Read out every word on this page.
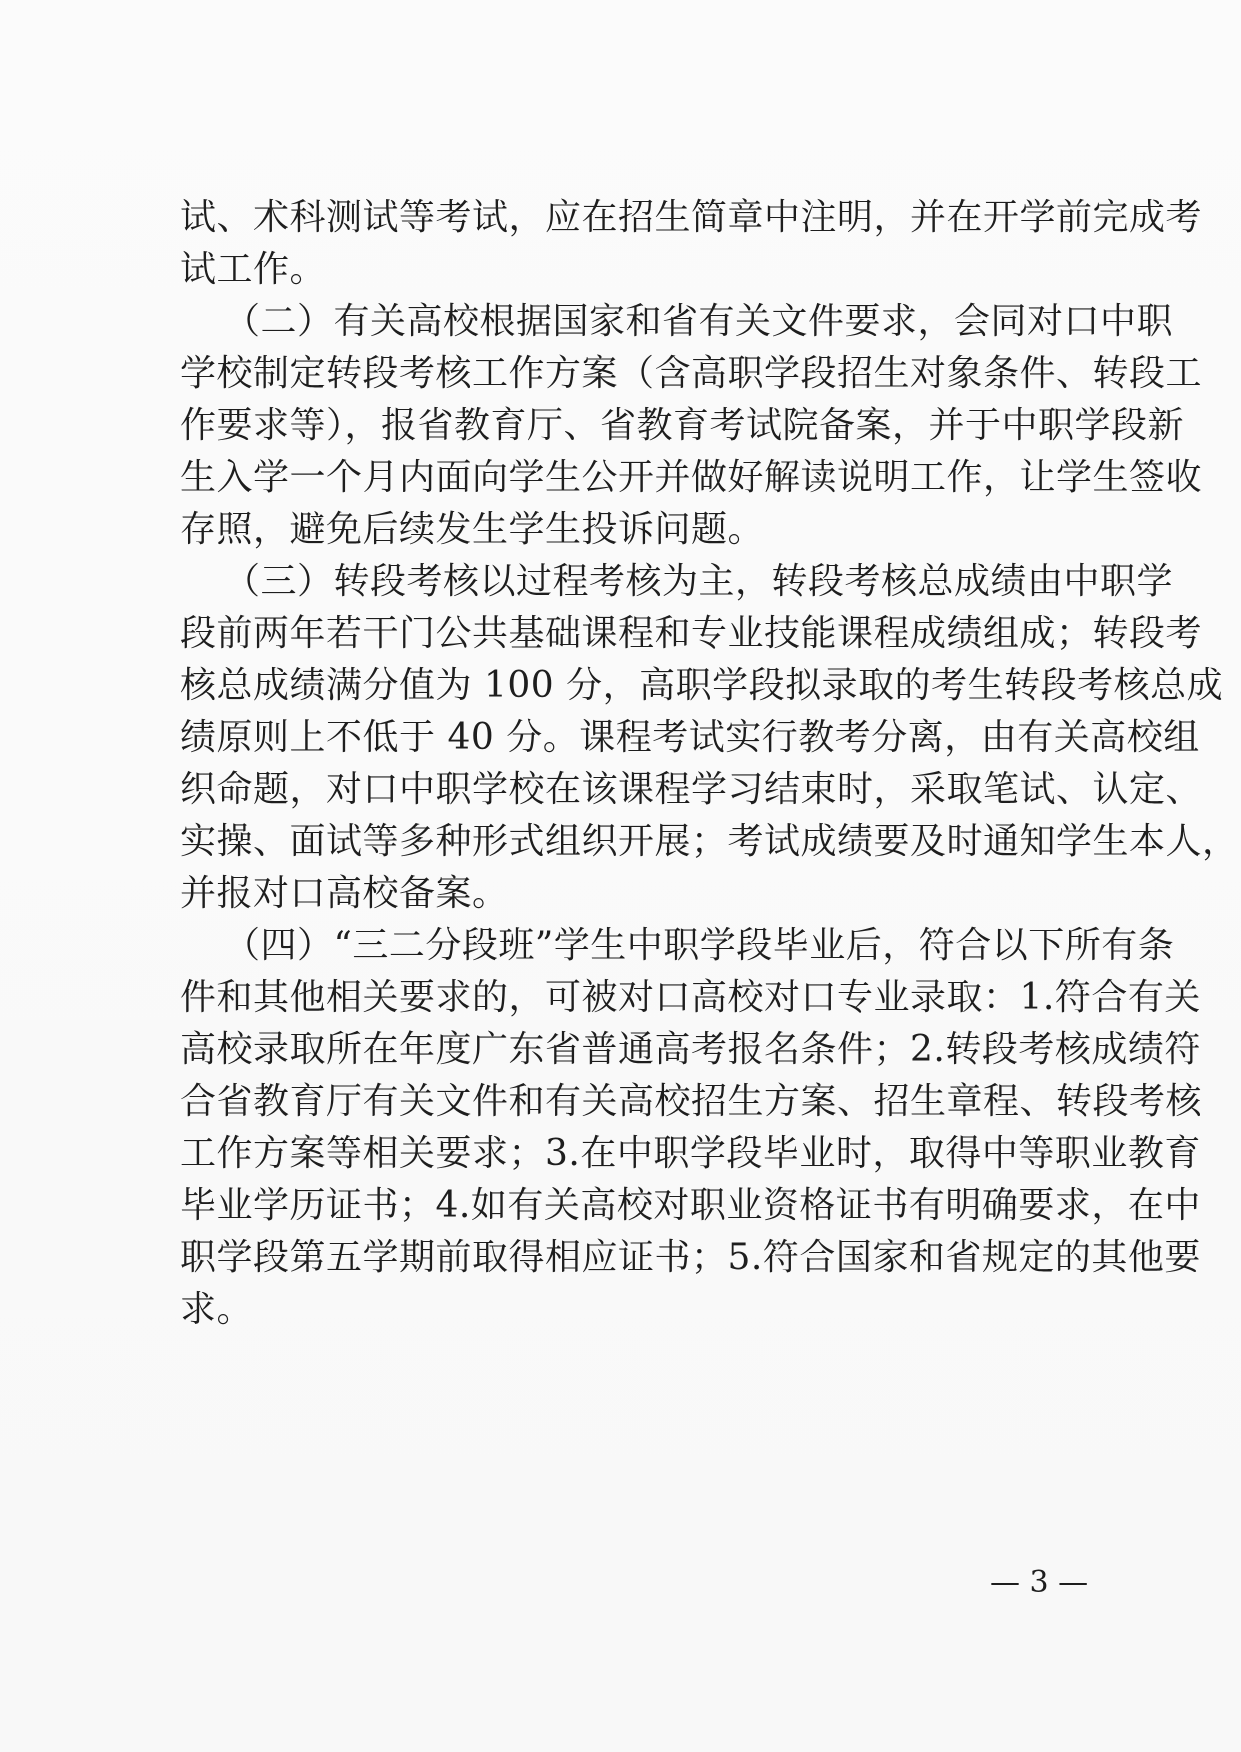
试、术科测试等考试，应在招生简章中注明，并在开学前完成考
试工作。
（二）有关高校根据国家和省有关文件要求，会同对口中职
学校制定转段考核工作方案（含高职学段招生对象条件、转段工
作要求等），报省教育厅、省教育考试院备案，并于中职学段新
生入学一个月内面向学生公开并做好解读说明工作，让学生签收
存照，避免后续发生学生投诉问题。
（三）转段考核以过程考核为主，转段考核总成绩由中职学
段前两年若干门公共基础课程和专业技能课程成绩组成；转段考
核总成绩满分值为 100 分，高职学段拟录取的考生转段考核总成
绩原则上不低于 40 分。课程考试实行教考分离，由有关高校组
织命题，对口中职学校在该课程学习结束时，采取笔试、认定、
实操、面试等多种形式组织开展；考试成绩要及时通知学生本人，
并报对口高校备案。
（四）“三二分段班”学生中职学段毕业后，符合以下所有条
件和其他相关要求的，可被对口高校对口专业录取：1.符合有关
高校录取所在年度广东省普通高考报名条件；2.转段考核成绩符
合省教育厅有关文件和有关高校招生方案、招生章程、转段考核
工作方案等相关要求；3.在中职学段毕业时，取得中等职业教育
毕业学历证书；4.如有关高校对职业资格证书有明确要求，在中
职学段第五学期前取得相应证书；5.符合国家和省规定的其他要
求。
— 3 —
